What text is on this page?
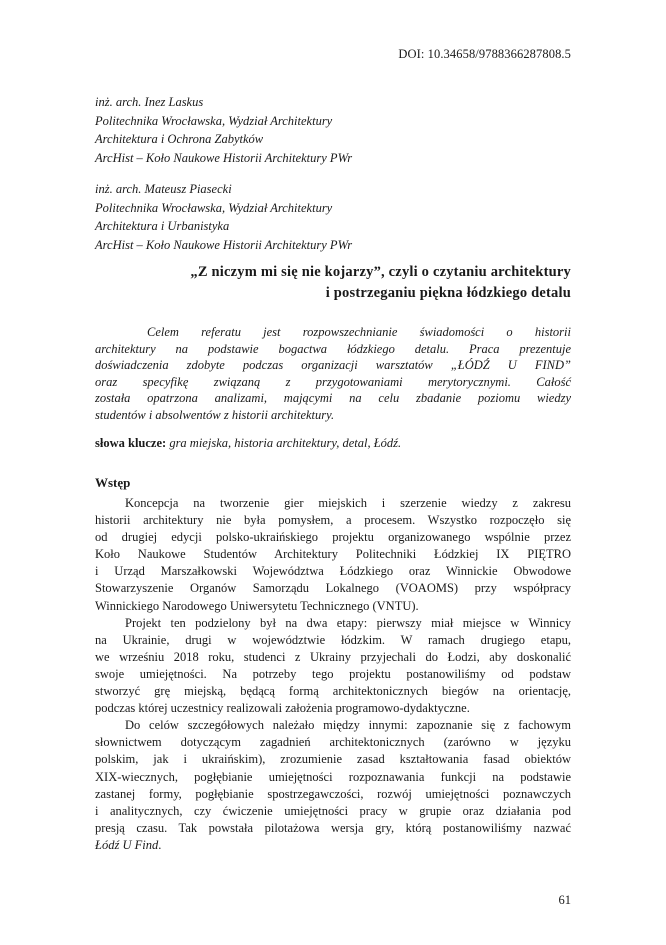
DOI: 10.34658/9788366287808.5
inż. arch. Inez Laskus
Politechnika Wrocławska, Wydział Architektury
Architektura i Ochrona Zabytków
ArcHist – Koło Naukowe Historii Architektury PWr
inż. arch. Mateusz Piasecki
Politechnika Wrocławska, Wydział Architektury
Architektura i Urbanistyka
ArcHist – Koło Naukowe Historii Architektury PWr
„Z niczym mi się nie kojarzy”, czyli o czytaniu architektury
i postrzeganiu piękna łódzkiego detalu
Celem referatu jest rozpowszechnianie świadomości o historii
architektury na podstawie bogactwa łódzkiego detalu. Praca prezentuje
doświadczenia zdobyte podczas organizacji warsztatów „ŁÓDŹ U FIND”
oraz specyfikę związaną z przygotowaniami merytorycznymi. Całość
została opatrzona analizami, mającymi na celu zbadanie poziomu wiedzy
studentów i absolwentów z historii architektury.
słowa klucze: gra miejska, historia architektury, detal, Łódź.
Wstęp
Koncepcja na tworzenie gier miejskich i szerzenie wiedzy z zakresu
historii architektury nie była pomysłem, a procesem. Wszystko rozpoczęło się
od drugiej edycji polsko-ukraińskiego projektu organizowanego wspólnie przez
Koło Naukowe Studentów Architektury Politechniki Łódzkiej IX PIĘTRO
i Urząd Marszałkowski Województwa Łódzkiego oraz Winnickie Obwodowe
Stowarzyszenie Organów Samorządu Lokalnego (VOAOMS) przy współpracy
Winnickiego Narodowego Uniwersytetu Technicznego (VNTU).
Projekt ten podzielony był na dwa etapy: pierwszy miał miejsce w Winnicy
na Ukrainie, drugi w województwie łódzkim. W ramach drugiego etapu,
we wrześniu 2018 roku, studenci z Ukrainy przyjechali do Łodzi, aby doskonalić
swoje umiejętności. Na potrzeby tego projektu postanowiliśmy od podstaw
stworzyć grę miejską, będącą formą architektonicznych biegów na orientację,
podczas której uczestnicy realizowali założenia programowo-dydaktyczne.
Do celów szczegółowych należało między innymi: zapoznanie się z fachowym
słownictwem dotyczącym zagadnień architektonicznych (zarówno w języku
polskim, jak i ukraińskim), zrozumienie zasad kształtowania fasad obiektów
XIX-wiecznych, pogłębianie umiejętności rozpoznawania funkcji na podstawie
zastanej formy, pogłębianie spostrzegawczości, rozwój umiejętności poznawczych
i analitycznych, czy ćwiczenie umiejętności pracy w grupie oraz działania pod
presją czasu. Tak powstała pilotażowa wersja gry, którą postanowiliśmy nazwać
Łódź U Find.
61
